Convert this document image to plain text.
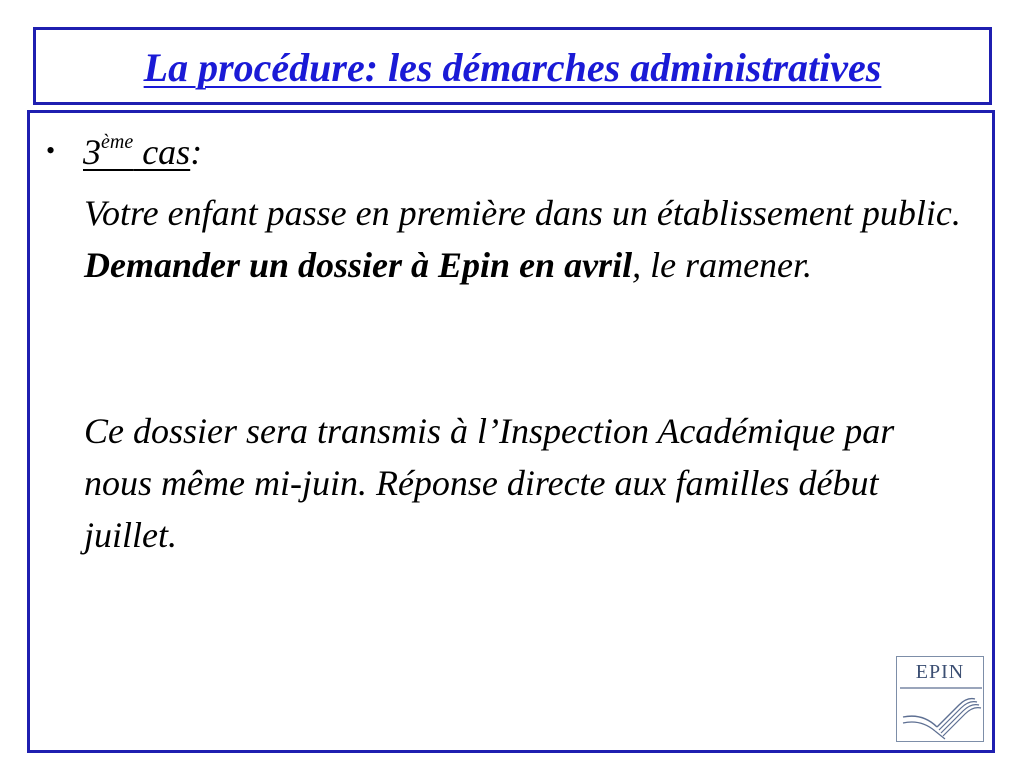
La procédure: les démarches administratives
• 3ème cas:
Votre enfant passe en première dans un établissement public. Demander un dossier à Epin en avril, le ramener.
Ce dossier sera transmis à l’Inspection Académique par nous même mi-juin. Réponse directe aux familles début juillet.
EPIN
